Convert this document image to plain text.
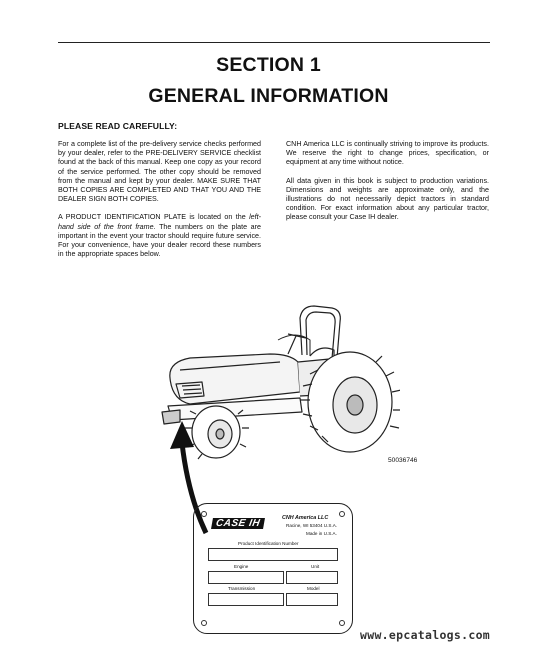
SECTION 1
GENERAL INFORMATION
PLEASE READ CAREFULLY:

For a complete list of the pre-delivery service checks performed by your dealer, refer to the PRE-DELIVERY SERVICE checklist found at the back of this manual. Keep one copy as your record of the service performed. The other copy should be removed from the manual and kept by your dealer. MAKE SURE THAT BOTH COPIES ARE COMPLETED AND THAT YOU AND THE DEALER SIGN BOTH COPIES.

A PRODUCT IDENTIFICATION PLATE is located on the left-hand side of the front frame. The numbers on the plate are important in the event your tractor should require future service. For your convenience, have your dealer record these numbers in the appropriate spaces below.

CNH America LLC is continually striving to improve its products. We reserve the right to change prices, specification, or equipment at any time without notice.

All data given in this book is subject to production variations. Dimensions and weights are approximate only, and the illustrations do not necessarily depict tractors in standard condition. For exact information about any particular tractor, please consult your Case IH dealer.

50036746
CASE IH	CNH America LLC
Racine, WI 53404 U.S.A.
Made in U.S.A.
Product Identification Number
Engine	Unit
Transmission	Model
www.epcatalogs.com
